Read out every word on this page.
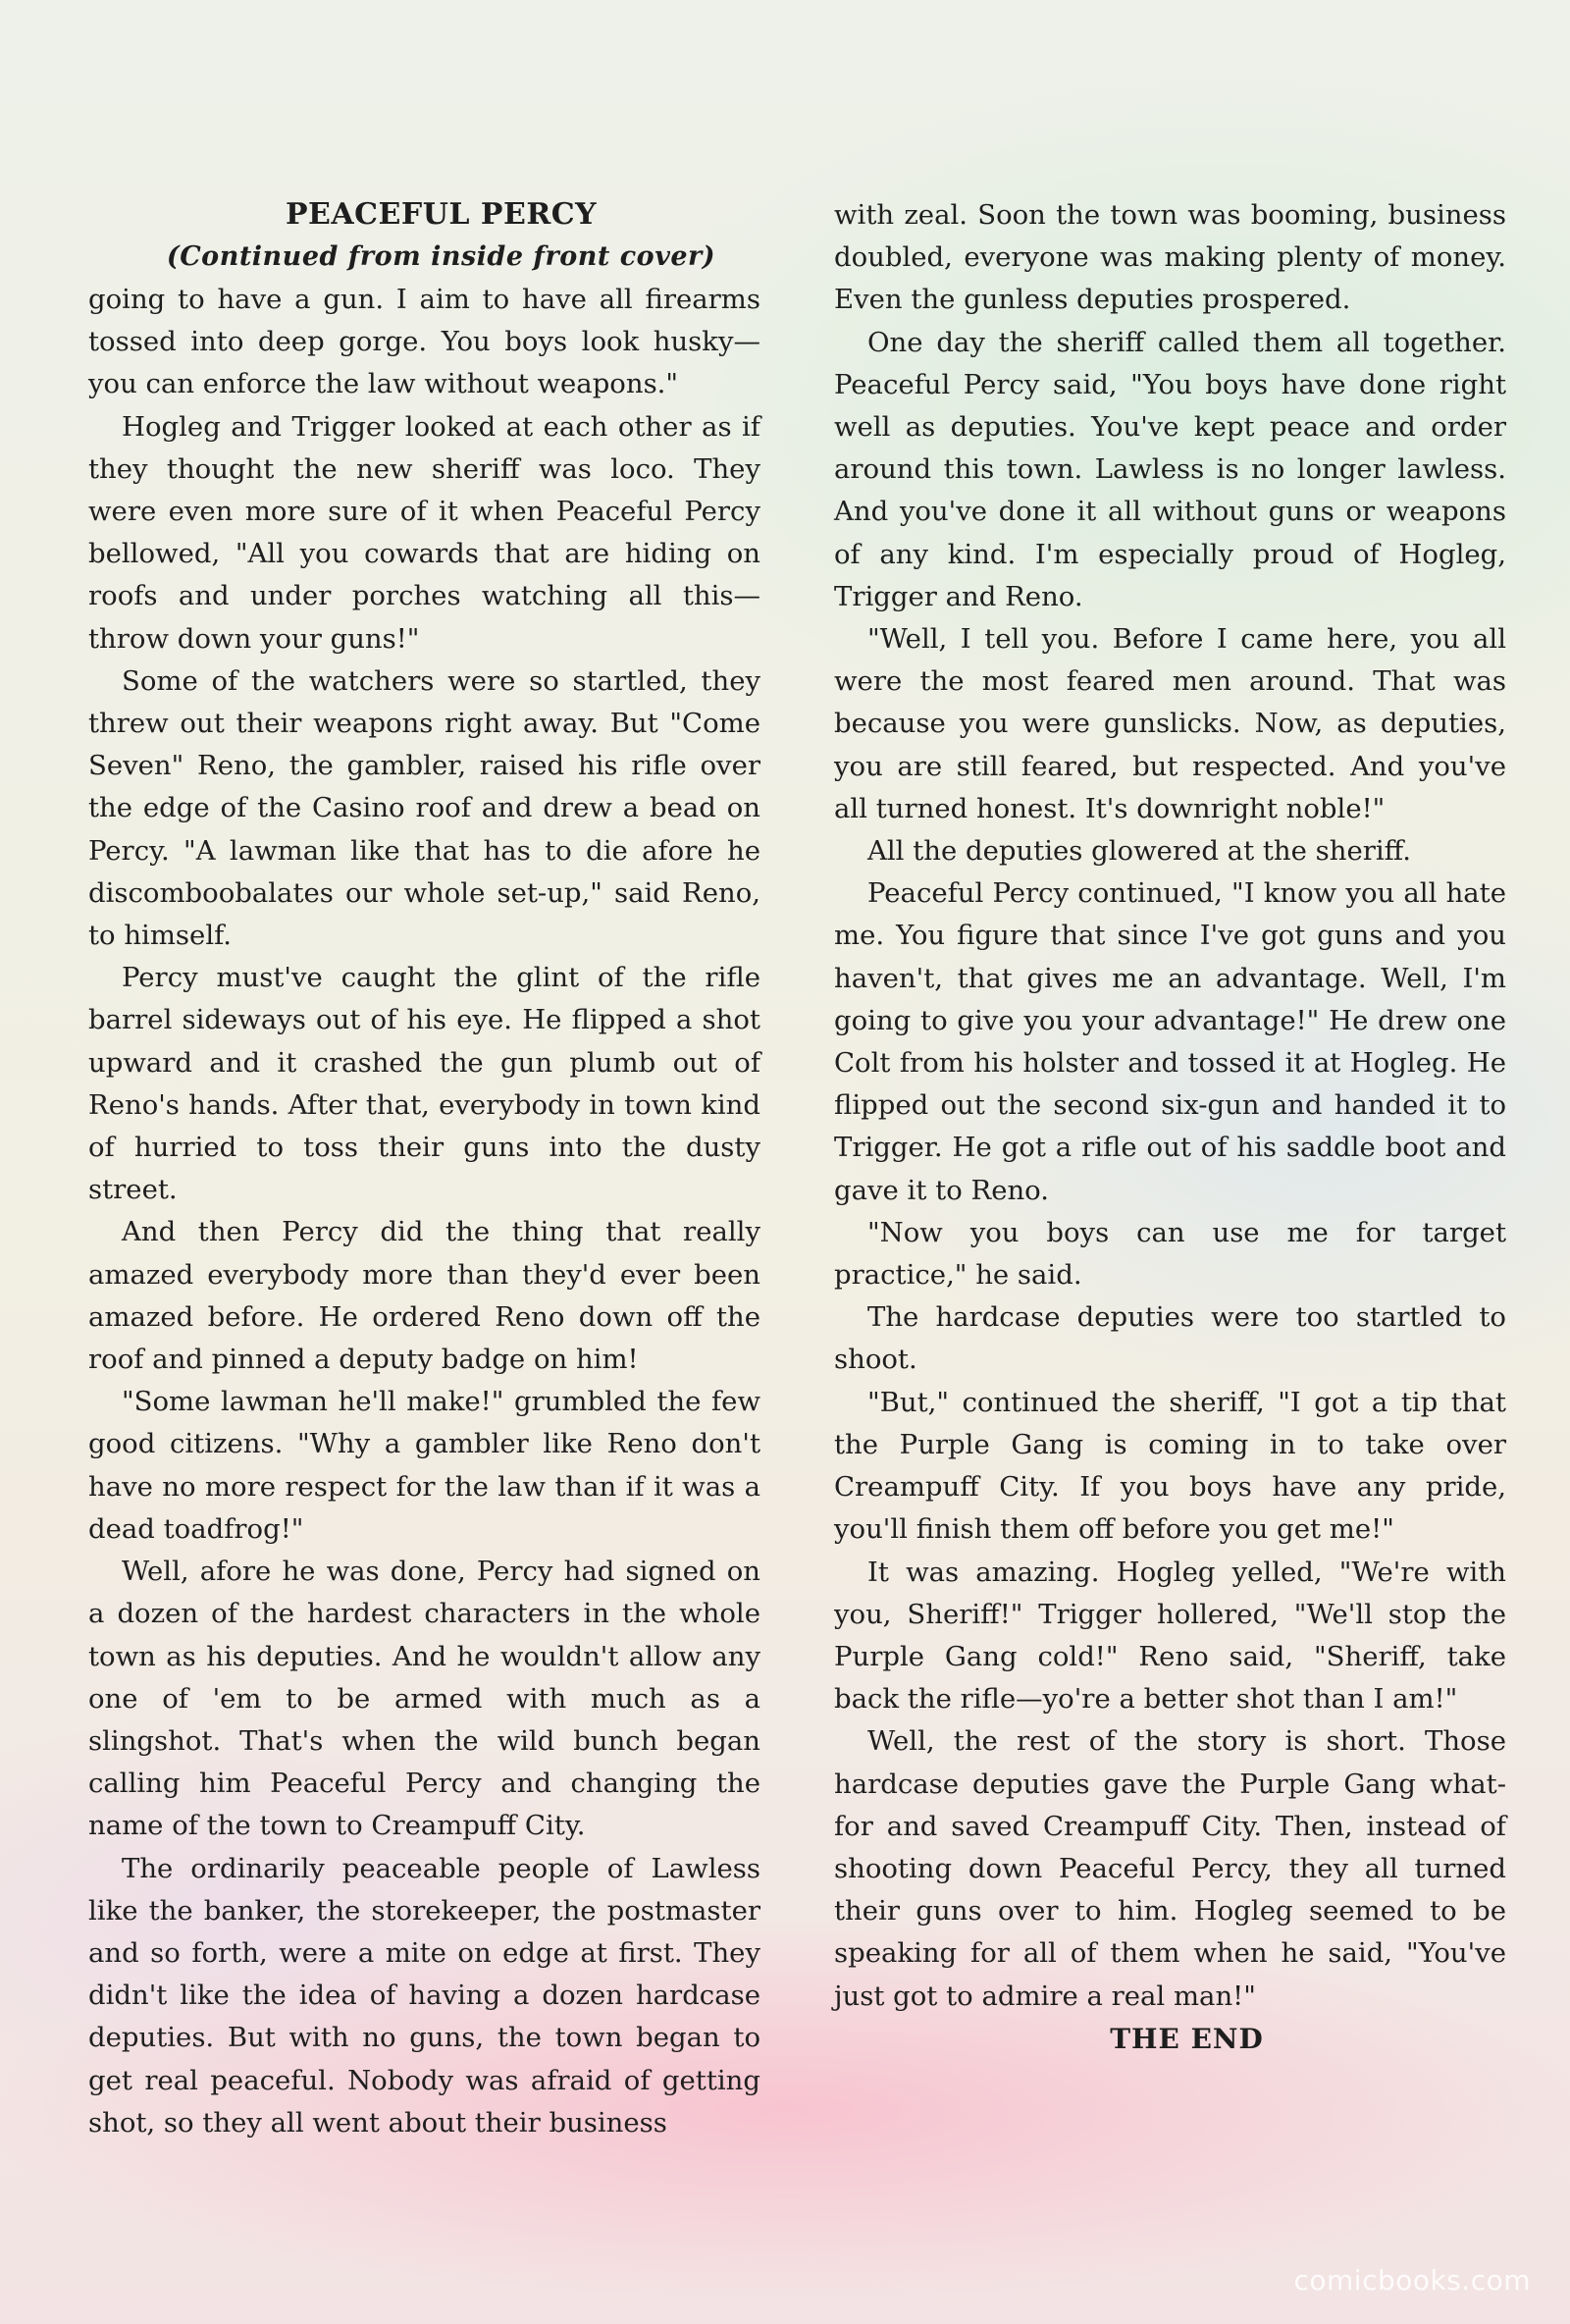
PEACEFUL PERCY

(Continued from inside front cover)

going to have a gun. I aim to have all firearms tossed into deep gorge. You boys look husky—you can enforce the law without weapons."

Hogleg and Trigger looked at each other as if they thought the new sheriff was loco. They were even more sure of it when Peaceful Percy bellowed, "All you cowards that are hiding on roofs and under porches watching all this—throw down your guns!"

Some of the watchers were so startled, they threw out their weapons right away. But "Come Seven" Reno, the gambler, raised his rifle over the edge of the Casino roof and drew a bead on Percy. "A lawman like that has to die afore he discomboobalates our whole set-up," said Reno, to himself.

Percy must've caught the glint of the rifle barrel sideways out of his eye. He flipped a shot upward and it crashed the gun plumb out of Reno's hands. After that, everybody in town kind of hurried to toss their guns into the dusty street.

And then Percy did the thing that really amazed everybody more than they'd ever been amazed before. He ordered Reno down off the roof and pinned a deputy badge on him!

"Some lawman he'll make!" grumbled the few good citizens. "Why a gambler like Reno don't have no more respect for the law than if it was a dead toadfrog!"

Well, afore he was done, Percy had signed on a dozen of the hardest characters in the whole town as his deputies. And he wouldn't allow any one of 'em to be armed with much as a slingshot. That's when the wild bunch began calling him Peaceful Percy and changing the name of the town to Creampuff City.

The ordinarily peaceable people of Lawless like the banker, the storekeeper, the postmaster and so forth, were a mite on edge at first. They didn't like the idea of having a dozen hardcase deputies. But with no guns, the town began to get real peaceful. Nobody was afraid of getting shot, so they all went about their business

with zeal. Soon the town was booming, business doubled, everyone was making plenty of money. Even the gunless deputies prospered.

One day the sheriff called them all together. Peaceful Percy said, "You boys have done right well as deputies. You've kept peace and order around this town. Lawless is no longer lawless. And you've done it all without guns or weapons of any kind. I'm especially proud of Hogleg, Trigger and Reno.

"Well, I tell you. Before I came here, you all were the most feared men around. That was because you were gunslicks. Now, as deputies, you are still feared, but respected. And you've all turned honest. It's downright noble!"

All the deputies glowered at the sheriff.

Peaceful Percy continued, "I know you all hate me. You figure that since I've got guns and you haven't, that gives me an advantage. Well, I'm going to give you your advantage!" He drew one Colt from his holster and tossed it at Hogleg. He flipped out the second six-gun and handed it to Trigger. He got a rifle out of his saddle boot and gave it to Reno.

"Now you boys can use me for target practice," he said.

The hardcase deputies were too startled to shoot.

"But," continued the sheriff, "I got a tip that the Purple Gang is coming in to take over Creampuff City. If you boys have any pride, you'll finish them off before you get me!"

It was amazing. Hogleg yelled, "We're with you, Sheriff!" Trigger hollered, "We'll stop the Purple Gang cold!" Reno said, "Sheriff, take back the rifle—yo're a better shot than I am!"

Well, the rest of the story is short. Those hardcase deputies gave the Purple Gang what-for and saved Creampuff City. Then, instead of shooting down Peaceful Percy, they all turned their guns over to him. Hogleg seemed to be speaking for all of them when he said, "You've just got to admire a real man!"

THE END

comicbooks.com
